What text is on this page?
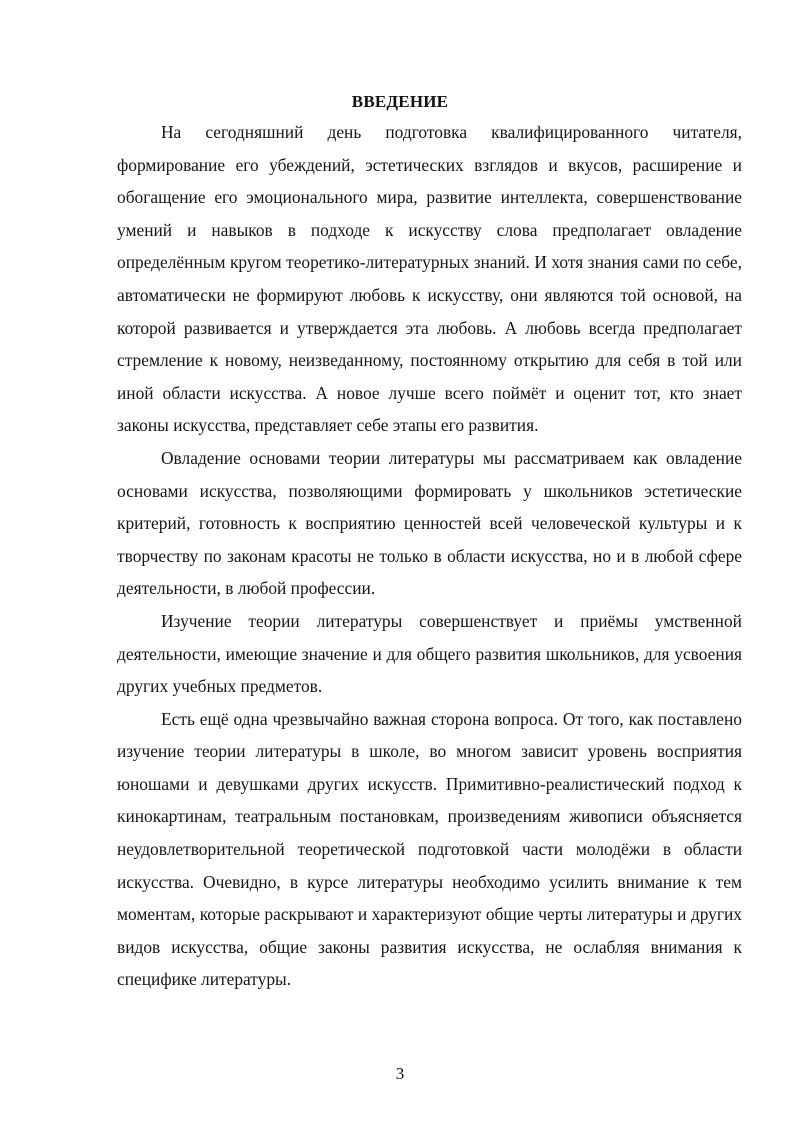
ВВЕДЕНИЕ

На сегодняшний день подготовка квалифицированного читателя, формирование его убеждений, эстетических взглядов и вкусов, расширение и обогащение его эмоционального мира, развитие интеллекта, совершенствование умений и навыков в подходе к искусству слова предполагает овладение определённым кругом теоретико-литературных знаний. И хотя знания сами по себе, автоматически не формируют любовь к искусству, они являются той основой, на которой развивается и утверждается эта любовь. А любовь всегда предполагает стремление к новому, неизведанному, постоянному открытию для себя в той или иной области искусства. А новое лучше всего поймёт и оценит тот, кто знает законы искусства, представляет себе этапы его развития.

Овладение основами теории литературы мы рассматриваем как овладение основами искусства, позволяющими формировать у школьников эстетические критерий, готовность к восприятию ценностей всей человеческой культуры и к творчеству по законам красоты не только в области искусства, но и в любой сфере деятельности, в любой профессии.

Изучение теории литературы совершенствует и приёмы умственной деятельности, имеющие значение и для общего развития школьников, для усвоения других учебных предметов.

Есть ещё одна чрезвычайно важная сторона вопроса. От того, как поставлено изучение теории литературы в школе, во многом зависит уровень восприятия юношами и девушками других искусств. Примитивно-реалистический подход к кинокартинам, театральным постановкам, произведениям живописи объясняется неудовлетворительной теоретической подготовкой части молодёжи в области искусства. Очевидно, в курсе литературы необходимо усилить внимание к тем моментам, которые раскрывают и характеризуют общие черты литературы и других видов искусства, общие законы развития искусства, не ослабляя внимания к специфике литературы.

3
